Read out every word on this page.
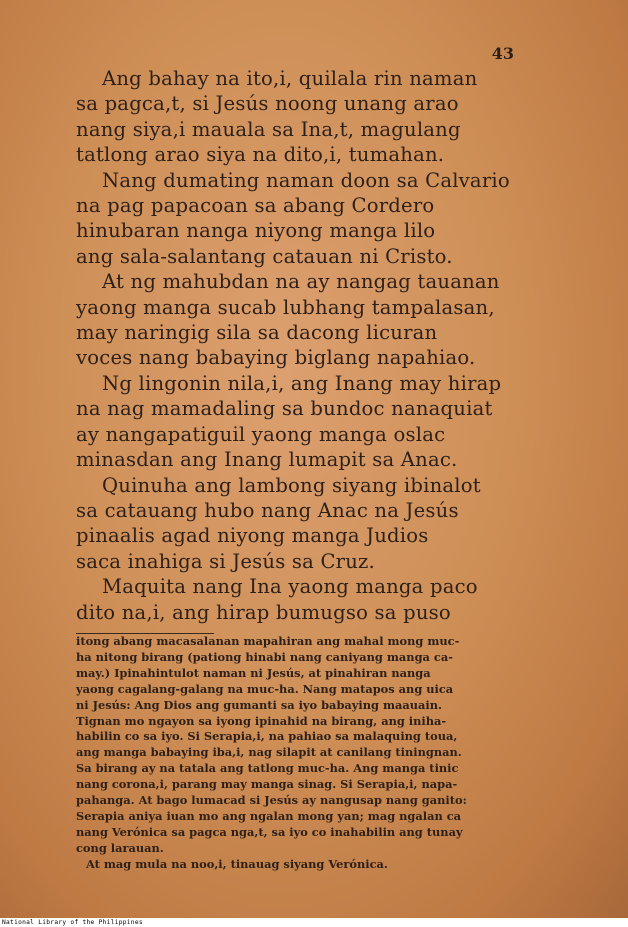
43
Ang bahay na ito,i, quilala rin naman
sa pagca,t, si Jesús noong unang arao
nang siya,i mauala sa Ina,t, magulang
tatlong arao siya na dito,i, tumahan.
Nang dumating naman doon sa Calvario
na pag papacoan sa abang Cordero
hinubaran nanga niyong manga lilo
ang sala-salantang catauan ni Cristo.
At ng mahubdan na ay nangag tauanan
yaong manga sucab lubhang tampalasan,
may naringig sila sa dacong licuran
voces nang babaying biglang napahiao.
Ng lingonin nila,i, ang Inang may hirap
na nag mamadaling sa bundoc nanaquiat
ay nangapatiguil yaong manga oslac
minasdan ang Inang lumapit sa Anac.
Quinuha ang lambong siyang ibinalot
sa catauang hubo nang Anac na Jesús
pinaalis agad niyong manga Judios
saca inahiga si Jesús sa Cruz.
Maquita nang Ina yaong manga paco
dito na,i, ang hirap bumugso sa puso
itong abang macasalanan mapahiran ang mahal mong muc-
ha nitong birang (pationg hinabi nang caniyang manga ca-
may.) Ipinahintulot naman ni Jesús, at pinahiran nanga
yaong cagalang-galang na muc-ha. Nang matapos ang uica
ni Jesús: Ang Dios ang gumanti sa iyo babaying maauain.
Tignan mo ngayon sa iyong ipinahid na birang, ang iniha-
habilin co sa iyo. Si Serapia,i, na pahiao sa malaquing toua,
ang manga babaying iba,i, nag silapit at canilang tiningnan.
Sa birang ay na tatala ang tatlong muc-ha. Ang manga tinic
nang corona,i, parang may manga sinag. Si Serapia,i, napa-
pahanga. At bago lumacad si Jesús ay nangusap nang ganito:
Serapia aniya iuan mo ang ngalan mong yan; mag ngalan ca
nang Verónica sa pagca nga,t, sa iyo co inahabilin ang tunay
cong larauan.
At mag mula na noo,i, tinauag siyang Verónica.
National Library of the Philippines
